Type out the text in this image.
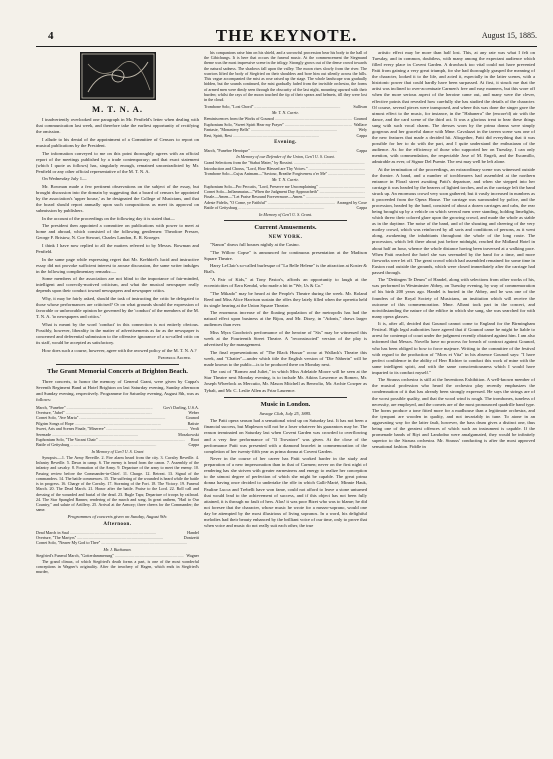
4	THE KEYNOTE.	August 15, 1885.
M. T. N. A.

I inadvertently overlooked one paragraph in Mr. Penfield's letter when dealing with that communication last week, and therefore take the earliest opportunity of rectifying the omission.

I allude to his denial of the appointment of a Committee of Censors to report on musical publications by the President.

The information conveyed to me on this point thoroughly agrees with an official report of the meetings published by a trade contemporary; and that exact statement (which I quote as follows) has, singularly enough, remained uncontradicted by Mr. Penfield or any other official representative of the M. T. N. A.

On Wednesday July 1—

Mr. Bowman made a few pertinent observations on the subject of the essay, but brought discussion into the domain by suggesting that a board of censors be appointed by the association's 'upper house,' as he designated the College of Musicians, and that the board should report annually upon such compositions as meet its approval on submission by publishers.

In the account of the proceedings on the following day it is stated that—

The president then appointed a committee on publications with power to meet at home and abroad, which consisted of the following gentlemen: Theodore Presser, George F. Bristow, N. Coe Stewart, Charles Landon, E. R. Kroeger.

I think I have now replied to all the matters referred to by Messrs. Bowman and Penfield.

In the same page while expressing regret that Mr. Krehbiel's lucid and instructive essay did not provoke sufficient interest to arouse discussion, the same writer indulges in the following complimentary remarks:—

Some members of the association are not blind to the importance of fair-minded, intelligent and correctly-motived criticism, and what the musical newspaper really depends upon their conduct toward newspapers and newspaper critics.

Why, it may be fairly asked, should the task of instructing the critic be delegated to those whose performances are criticised? Or on what grounds should the expression of favorable or unfavorable opinion be governed by the 'conduct' of the members of the M. T. N. A. 'to newspapers and critics.'

What is meant by the word 'conduct' in this connection is not entirely obvious. Possibly, however, liberality in the matter of advertisements as far as the newspaper is concerned and deferential submission to the offensive ignorance of a so-called critic on its staff, would be accepted as satisfactory.

How does such a course, however, agree with the avowed policy of the M. T. N. A.?

Frederick Archer.
The Grant Memorial Concerts at Brighton Beach.

Three concerts, to honor the memory of General Grant, were given by Cappa's Seventh Regiment Band at Hotel Brighton on last Saturday evening, Sunday afternoon and Sunday evening, respectively. Programme for Saturday evening, August 8th, was as follows:

March, "Funebre" .....	Gov't Darling, U.S.A.
Overture, "Jubel" .....	Weber
Cornet Solo, "Ave Maria" .....	Gounod
Pilgrim Songs of Hope .....	Batiste
Sweet, Arts and Scenes Finale, "Miserere" .....	Verdi
Serenade .....	Moszkowski
Euphonium Solo, "The Vacant Chair" .....	Root
Battle of Gettysburg .....	Cappa
In Memory of Gen'l U. S. Grant

Synopsis.—1. The Army Reveille. 2. Fire alarm heard from the city. 3. Cavalry Reveille. 4. Infantry Reveille. 5. Dawn in camp. 6. The enemy is heard from the canon. 7. Assembly of the infantry and cavalry. 8. Formation of the Army. 9. Departure of the army to meet the enemy. 10. Passing review before the Commander-in-Chief. 11. Charge. 12. Retreat. 13. Signal of the commanders. 14. The battle commences. 15. The suffering of the wounded is heard while the battle is in progress. 16. Charge of the Cavalry. 17. Storming of the Fort. 18. The Victory. 19. Funeral March. 20. The Dead March. 21. Honor after the battle. Praise to the Lord. 22. Roll call and dressing of the wounded and burial of the dead. 23. Bugle Taps; Departure of troops by railroad. 24. The Star Spangled Banner, rendering of the march and song. In great anthem, "Hail to Our Country," and salute of Artillery. 25. Arrival at the Armory; three cheers for the Commander; the same.

Programmes of concerts given on Sunday, August 9th:
Afternoon.
Dead March in Saul .....	Handel
Overture, "The Martyrs" .....	Donizetti
Cornet Solo, "Nearer My God to Thee" .....
Mr. J. Buchanan.
Siegfried's Funeral March, "Gotterdammerung" .....	Wagner

The grand climax, of which Siegfried's death forms a part, is one of the most wonderful conceptions in Wagner's originality. After the treachery of Hagen, which ends in Siegfried's murder,

his companions raise him on his shield, and a sorrowful procession bear his body to the hall of the Gibichungs. It is here that occurs the funeral music. At the commencement the Siegmund theme was the most impressive scene in the trilogy. Strongly grows out of the dense crowd towards the natural sadness. The shadows fall upon the valley. The moon rises slowly from the river. The warriors lifted the body of Siegfried on their shoulders and bore him out silently across the hills. This vague accompanied the mist as rose raised up the stage. The whole landscape was gradually hidden, but the sounds continued, the mist gradually faded from the invisible orchestra, the forms of armed men were dimly seen through the obscurity of the last night, mounting upward with their burden; whilst the rays of the moon touched the tip of their spears and helmets, till they were lost in the cloud.

Trombone Solo, "Lost Chord" .....	Sullivan
Mr. T. N. Currie.
Reminiscences from the Works of Gounod .....	Gounod
Euphonium Solo, "Sweet Spirit Hear my Prayer" .....	Wallace
Fantasie, "Monastery Bells" .....	Wely
Rest, Spirit, Rest .....	Cappa
Evening.
March, "Funebre Heroique" .....	Cappa
In Memory of our Defender of the Union, Gen'l U. S. Grant.
Grand Selections from the "Stabat Mater," by Rossini. .....
Introduction and Chorus, "Lord, How Blessed are Thy Voices." .....
Trombone Solo—Cujus Animam—"Saviour, Breathe Forgiveness o'er Me" .....
Mr. T. N. Currie.
Euphonium Solo—Pro Peccatis, "Lord, Preserve me Uncomplaining" .....
Cornet Solo—Inflammatus—"When the Judgment Day Approacheth" .....
Finale—Amen—"Let Praise Resound Forevermore—Amen." .....
Adeste Fidelis, "O Come, ye Faithful" .....	Arranged by Coxe
Battle of Gettysburg .....	Cappa
In Memory of Gen'l U. S. Grant.
Current Amusements.
NEW YORK.

"Nanon" draws full houses nightly at the Casino.

"The Willow Copse" is announced for continuous presentation at the Madison Square Theatre.

Harry LeClair's so-called burlesque of "La Belle Helene" is the attraction at Koster & Bial's.

"A Pair of Kids," at Tony Pastor's, affords an opportunity to laugh at the eccentricities of Ezra Kendal, who made a hit in "We, Us & Co."

"The Mikado" may be heard at the People's Theatre during the week. Mr. Roland Reed and Miss Alice Harrison sustain the rôles they lately filled when the operetta held its single hearing at the Union Square Theatre.

The enormous increase of the floating population of the metropolis has had the natural effect upon business at the Bijou, and Mr. Dixey, in "Adonis," draws larger audiences than ever.

Miss Myra Goodwin's performance of the heroine of "Sis" may be witnessed this week at the Fourteenth Street Theatre. A "reconstructed" version of the play is advertised by the management.

The final representations of "The Black Hussar" occur at Wallack's Theatre this week, and "Chatter"—under which title the English version of "Die Näherin" will be made known to the public—is to be produced there on Monday next.

The cast of "Romeo and Juliet," in which Miss Adelaide Moore will be seen at the Star Theatre next Monday evening, is to include Mr. Atkins Lawrence as Romeo, Mr. Joseph Wheelock as Mercutio, Mr. Mason Mitchell as Benvolio, Mr. Archie Cowper as Tybalt, and Mr. C. Leslie Allen as Friar Laurence.

Music in London.
Savage Club, July 25, 1885.

The Patti opera season had a sensational wind up on Saturday last. It has not been a financial success, but Mapleson will not be a loser whatever his guarantors may be. The reason terminated on Saturday last when Covent Garden was crowded to overflowing and a very fine performance of "Il Trovatore" was given. At the close of the performance Patti was presented with a diamond bracelet in commemoration of the completion of her twenty-fifth year as prima donna at Covent Garden.

Never in the course of her career has Patti worked harder in the study and preparation of a new impersonation than in that of Carmen; never on the first night of rendering has she striven with greater earnestness and energy to realize her conception to the utmost degree of perfection of which she might be capable. The great prima donna having once decided to undertake the rôle in which Galli-Marié, Minnie Hauk, Pauline Lucca and Trebelli have won fame, could not afford to leave a stone unturned that would lead to the achievement of success, and if this object has not been fully attained, it is through no fault of hers. Alas! it was poor Bizet who was to blame; he did not foresee that the character, whose music he wrote for a mezzo-soprano, would one day be attempted by the most illustrious of living sopranos. In a word, his delightful melodies had their beauty enhanced by the brilliant voice of our time, only to prove that when voice and music do not really suit each other, the true

artistic effect may be more than half lost. This, at any rate was what I felt on Tuesday, and in common, doubtless, with many among the expectant audience which filled every place in Covent Garden. A drawback too vital could not have prevented Patti from gaining a very great triumph, for she had thoroughly grasped the meaning of the character, looked it to the life, and acted it, especially in the latter scenes, with a histrionic power that could hardly have been surpassed. At first, it struck me that the artist was inclined to over-accentuate Carmen's free and easy manners, but this wore off when the more serious aspect of the heroine came out, and many were the clever, effective points that revealed how carefully she has studied the details of the character. Of course, several pieces were transposed, and where this was done the singer gave the utmost effect to the music, for instance, in the "Habanera" the (encore'd) air with the dance, and the card scene of the third act. It was a glorious treat to hear these things sung with such vocal charm. The dresses worn by the prima donna were simply gorgeous and her graceful dance with Mme. Cavalazzi in the tavern scene was one of the new features that made a decided hit. Altogether, Patti did everything that it was possible for her to do with the part, and I quite understand the enthusiasm of the audience. As for the efficiency of those who supported her on Tuesday, I can only mention, with commendation, the respectable Jose of M. Engeli, and the Escamillo, admirable as ever, of Signor Del Puente. The rest may well be left alone.

At the termination of the proceedings, an extraordinary scene was witnessed outside the theatre. A band, and a number of torchbearers had assembled at the northern entrance in Floral street awaiting Patti's departure, and when she stepped into her carriage it was headed by the bearers of lighted torches, and as the carriage left the band struck up. An enormous crowd very soon gathered; but it vastly increased in numbers as it proceeded from the Opera House. The carriage was surrounded by police, and the procession, headed by the band, consisted of about a dozen carriages and cabs, the rear being brought up by a vehicle on which several men were standing, holding limelights, which threw their colored glare upon the growing crowd, and made the whole as stable as in the daytime. The noise of the band, and of the shouting and cheering of the very motley crowd, which was reinforced by all sorts and conditions of persons, as it went along, awakening the inhabitants throughout the whole of the long route. The procession, which left there about just before midnight, reached the Midland Hotel in about half an hour, whence the whole distance having been traversed at a walking pace. When Patti reached the hotel she was serenaded by the band for a time, and more fireworks were let off. The great crowd which had assembled remained for some time in Euston road outside the grounds, which were closed immediately after the carriage had passed through.

The "Dettingen Te Deum" of Handel, along with selections from other works of his, was performed in Westminster Abbey, on Tuesday evening, by way of commemoration of his birth 200 years ago. Handel is buried in the Abbey, and he was one of the founders of the Royal Society of Musicians, an institution which will receive the outcome of this commemoration. Mme. Albani took part in the concert, and notwithstanding the nature of the edifice in which she sang, she was searched for with many opera glasses.

It is, after all, decided that Gounod cannot come to England for the Birmingham Festival. High legal authorities have agreed that if Gounod came he might be liable to arrest for contempt of court under the judgment recently obtained against him. I am also informed that Messrs. Novello have no process for breach of contract against Gounod, who has been obliged to bow to force majeure. Writing to the committee of the festival with regard to the production of "Mors et Vita" in his absence Gounod says: "I have perfect confidence in the ability of Herr Richter to conduct this work of mine with the same intelligent spirit, and with the same conscientiousness which I would have imparted to its conduct myself."

The Strauss orchestra is still at the Inventions Exhibition. A well-known member of the musical profession who heard the orchestra play recently emphasizes the condemnation of it that has already been strongly expressed. He says the strings are of the worst possible quality, and that the wood wind is rough. The trombones, tuneless of necessity, are employed, and the cornets are of the most pronounced quadrille band type. The horns produce a tone fitted more for a madhouse than a legitimate orchestra, and the tympani are wooden in quality, and not invariably in tune. To atone in an aggravating way for the latter fault, however, the bass drum gives a distinct one, thus being one of the greatest offences of which such an instrument is capable. If the promenade bands of Riyi and Landodno were amalgamated, they would be infinitely superior to the Strauss orchestra. Mr. Strauss' conducting is after the most approved sensational fashion. Fiddle in
